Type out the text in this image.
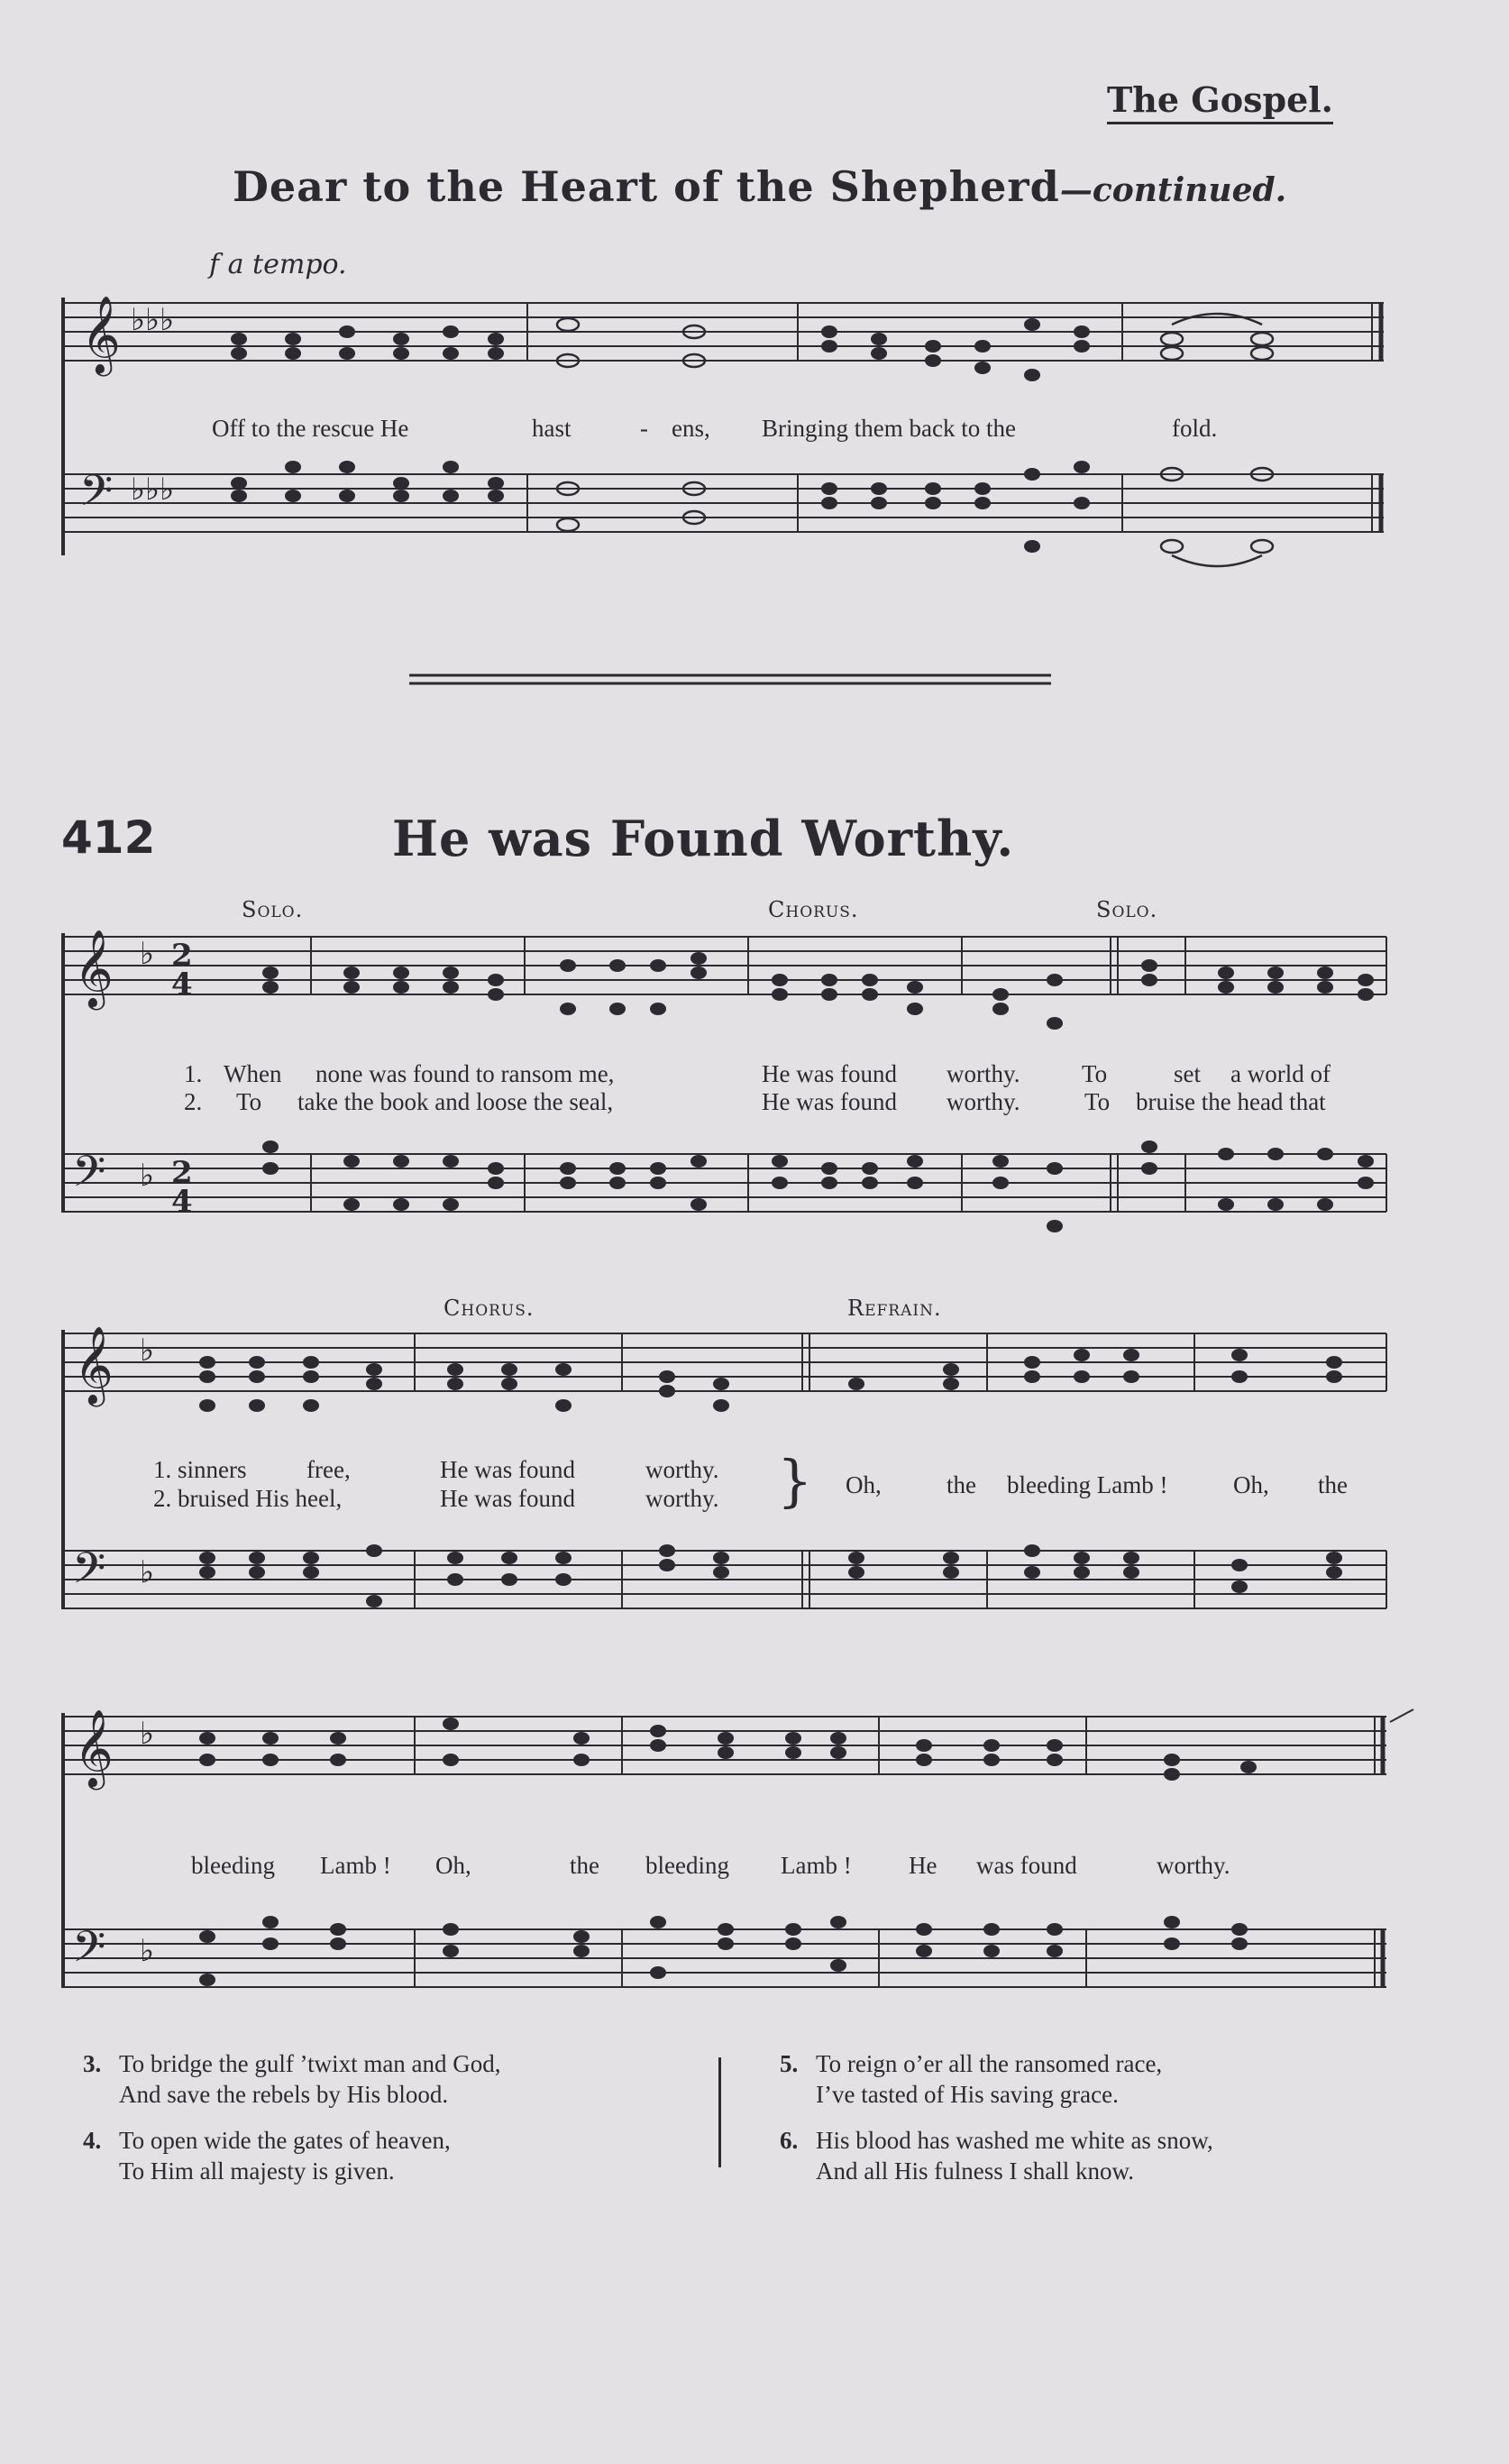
The Gospel.
Dear to the Heart of the Shepherd—continued.
f a tempo.
𝄞
𝄢
♭♭♭
♭♭♭
Off to the rescue He	hast	- ens, Bringing them back to the	fold.
412	He was Found Worthy.
Solo.	Chorus.	Solo.
𝄞
𝄢
♭
♭
2
4
2
4
1. When none was found to ransom me,	He was found worthy.	To	set a world of
2. To take the book and loose the seal,	He was found worthy.	To bruise the head that
Chorus.	Refrain.
𝄞
𝄢
♭
♭
1. sinners free,	He was found	worthy.
2. bruised His heel,	He was found	worthy. } Oh,	the bleeding Lamb !	Oh, the
𝄞
𝄢
♭
♭
bleeding Lamb ! Oh,	the bleeding Lamb ! He was found	worthy.
3. To bridge the gulf ’twixt man and God,
And save the rebels by His blood.
4. To open wide the gates of heaven,
To Him all majesty is given.
5. To reign o’er all the ransomed race,
I’ve tasted of His saving grace.
6. His blood has washed me white as snow,
And all His fulness I shall know.
